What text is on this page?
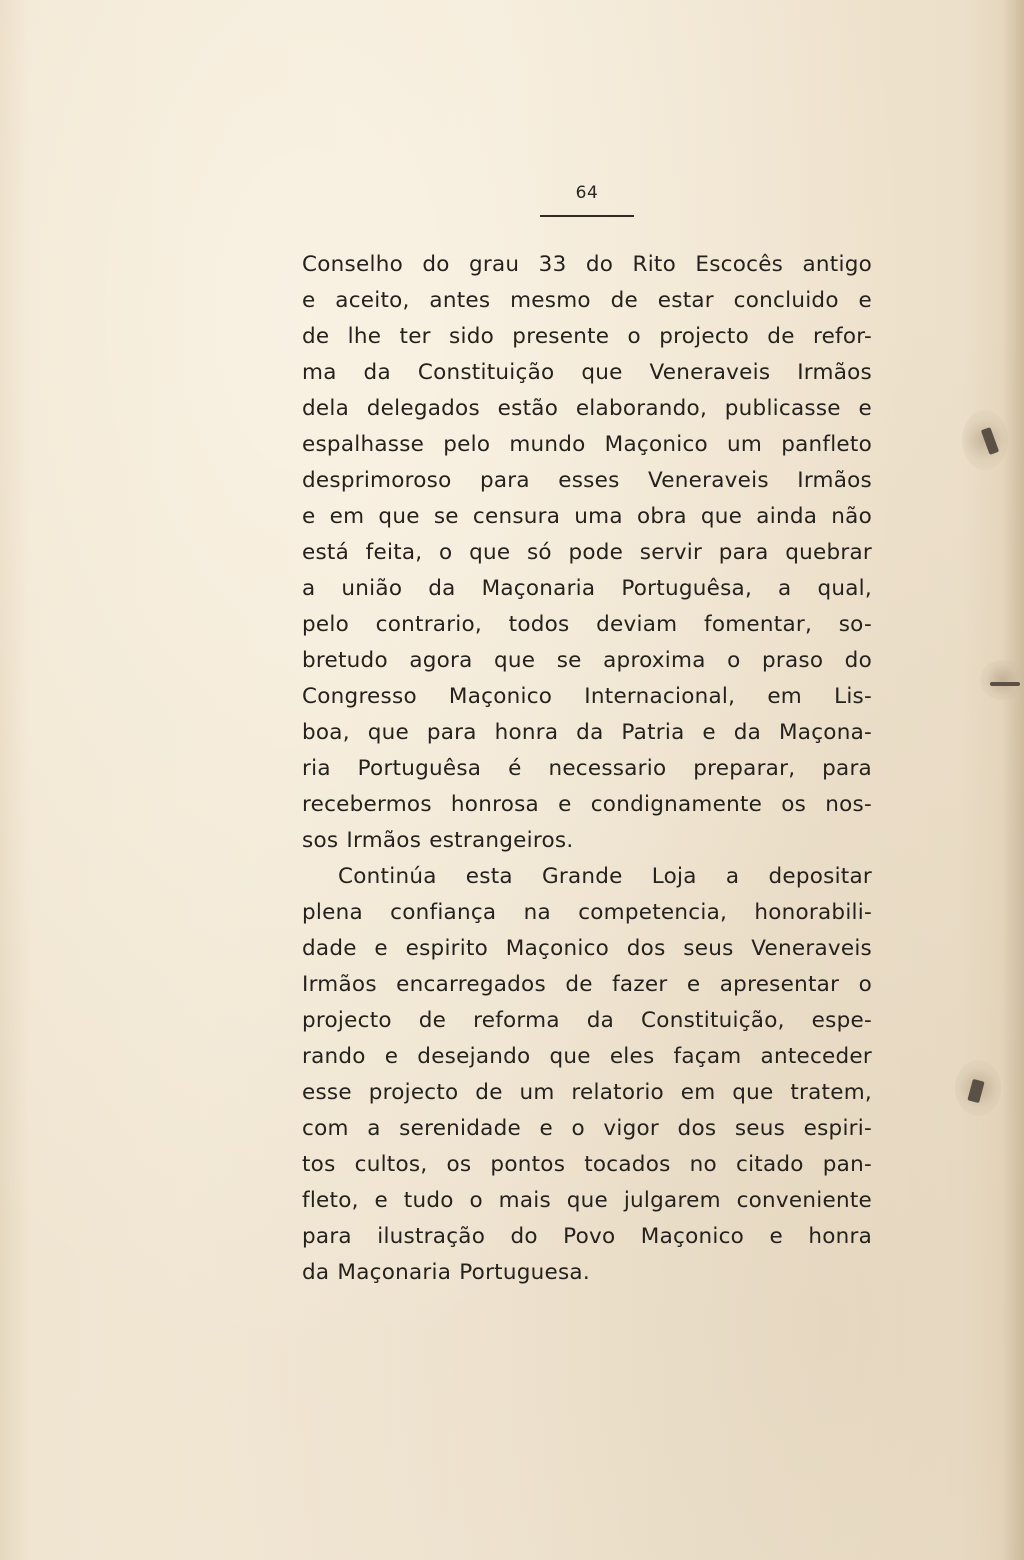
64
Conselho do grau 33 do Rito Escocês antigo
e aceito, antes mesmo de estar concluido e
de lhe ter sido presente o projecto de refor-
ma da Constituição que Veneraveis Irmãos
dela delegados estão elaborando, publicasse e
espalhasse pelo mundo Maçonico um panfleto
desprimoroso para esses Veneraveis Irmãos
e em que se censura uma obra que ainda não
está feita, o que só pode servir para quebrar
a união da Maçonaria Portuguêsa, a qual,
pelo contrario, todos deviam fomentar, so-
bretudo agora que se aproxima o praso do
Congresso Maçonico Internacional, em Lis-
boa, que para honra da Patria e da Maçona-
ria Portuguêsa é necessario preparar, para
recebermos honrosa e condignamente os nos-
sos Irmãos estrangeiros.
Continúa esta Grande Loja a depositar
plena confiança na competencia, honorabili-
dade e espirito Maçonico dos seus Veneraveis
Irmãos encarregados de fazer e apresentar o
projecto de reforma da Constituição, espe-
rando e desejando que eles façam anteceder
esse projecto de um relatorio em que tratem,
com a serenidade e o vigor dos seus espiri-
tos cultos, os pontos tocados no citado pan-
fleto, e tudo o mais que julgarem conveniente
para ilustração do Povo Maçonico e honra
da Maçonaria Portuguesa.
